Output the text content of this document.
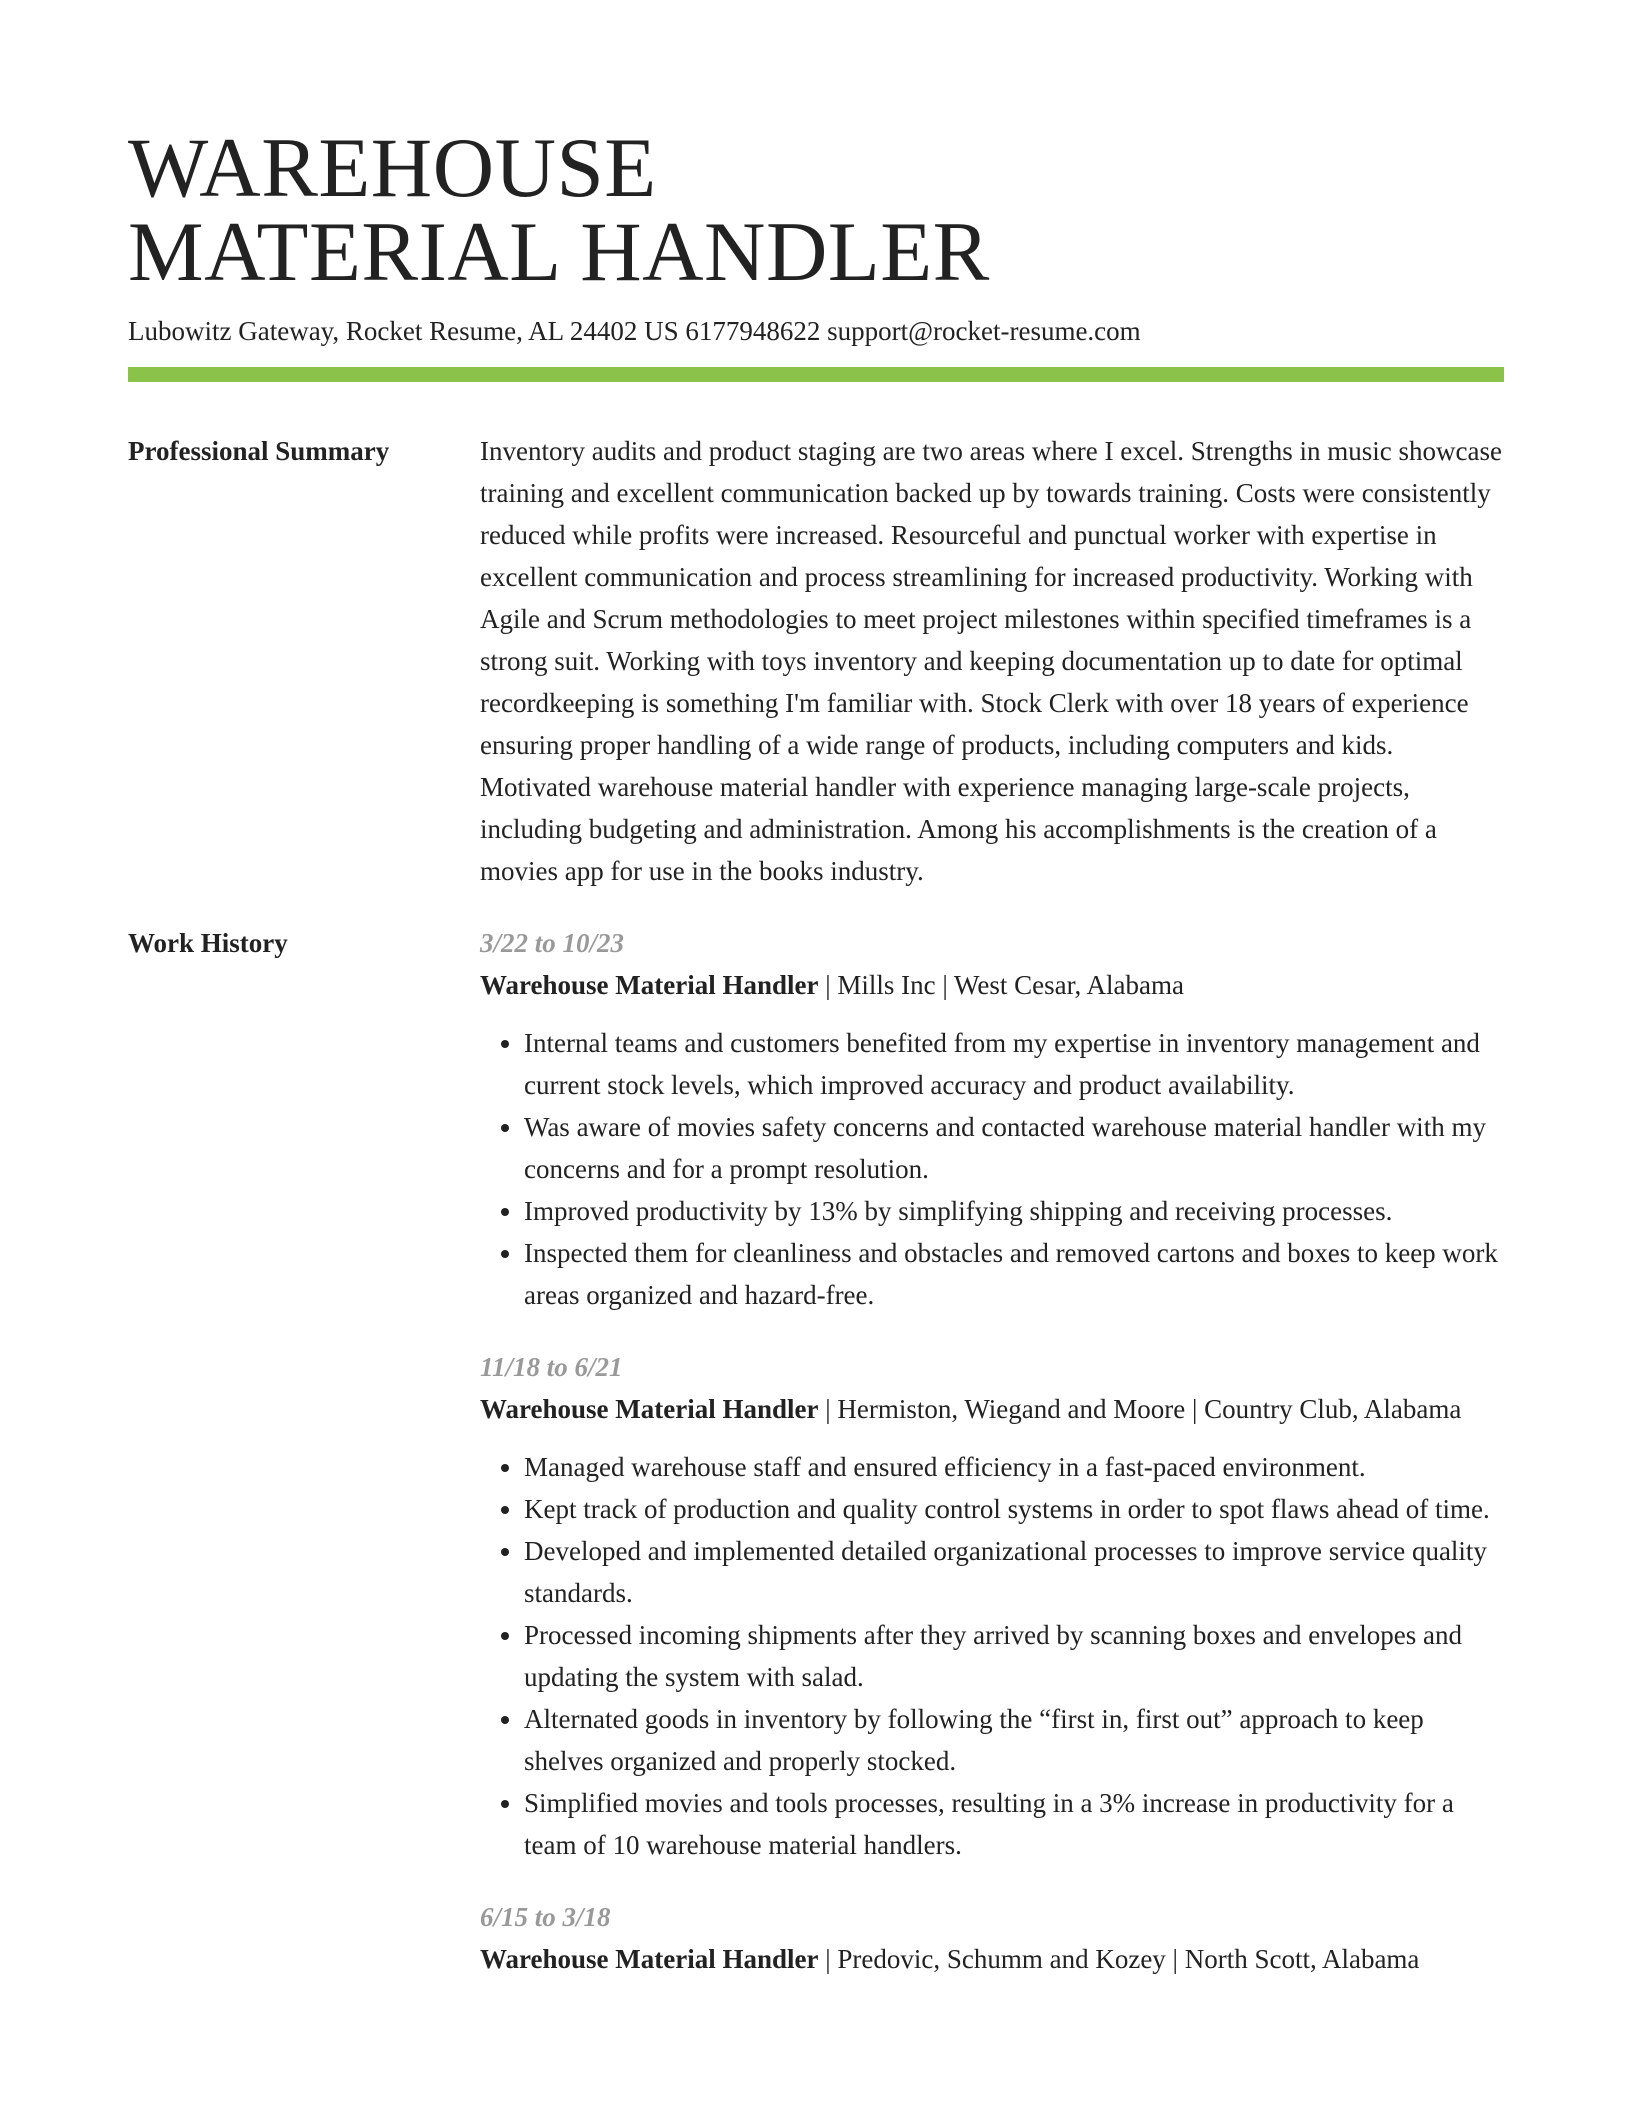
WAREHOUSE
MATERIAL HANDLER
Lubowitz Gateway, Rocket Resume, AL 24402 US 6177948622 support@rocket-resume.com
Professional Summary	Inventory audits and product staging are two areas where I excel. Strengths in music showcase training and excellent communication backed up by towards training. Costs were consistently reduced while profits were increased. Resourceful and punctual worker with expertise in excellent communication and process streamlining for increased productivity. Working with Agile and Scrum methodologies to meet project milestones within specified timeframes is a strong suit. Working with toys inventory and keeping documentation up to date for optimal recordkeeping is something I'm familiar with. Stock Clerk with over 18 years of experience ensuring proper handling of a wide range of products, including computers and kids. Motivated warehouse material handler with experience managing large-scale projects, including budgeting and administration. Among his accomplishments is the creation of a movies app for use in the books industry.
Work History	3/22 to 10/23
Warehouse Material Handler | Mills Inc | West Cesar, Alabama
• Internal teams and customers benefited from my expertise in inventory management and current stock levels, which improved accuracy and product availability.
• Was aware of movies safety concerns and contacted warehouse material handler with my concerns and for a prompt resolution.
• Improved productivity by 13% by simplifying shipping and receiving processes.
• Inspected them for cleanliness and obstacles and removed cartons and boxes to keep work areas organized and hazard-free.
11/18 to 6/21
Warehouse Material Handler | Hermiston, Wiegand and Moore | Country Club, Alabama
• Managed warehouse staff and ensured efficiency in a fast-paced environment.
• Kept track of production and quality control systems in order to spot flaws ahead of time.
• Developed and implemented detailed organizational processes to improve service quality standards.
• Processed incoming shipments after they arrived by scanning boxes and envelopes and updating the system with salad.
• Alternated goods in inventory by following the “first in, first out” approach to keep shelves organized and properly stocked.
• Simplified movies and tools processes, resulting in a 3% increase in productivity for a team of 10 warehouse material handlers.
6/15 to 3/18
Warehouse Material Handler | Predovic, Schumm and Kozey | North Scott, Alabama
